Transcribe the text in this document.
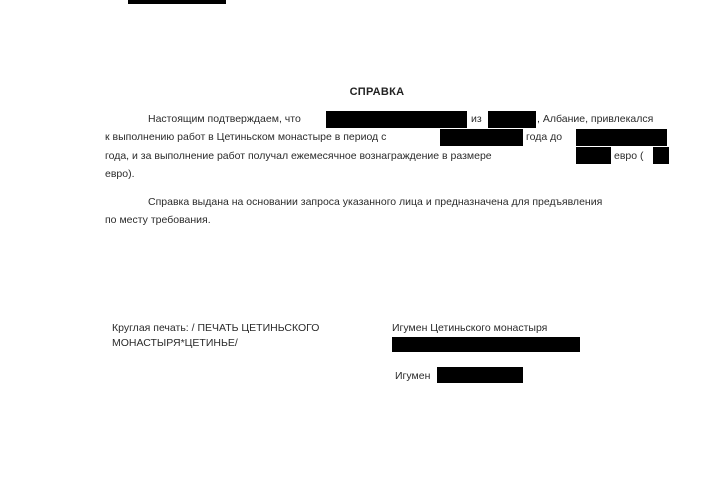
СПРАВКА
Настоящим подтверждаем, что	из	, Албание, привлекался
к выполнению работ в Цетиньском монастыре в период с	года до
года, и за выполнение работ получал ежемесячное вознаграждение в размере	евро (
евро).
Справка выдана на основании запроса указанного лица и предназначена для предъявления
по месту требования.
Круглая печать: / ПЕЧАТЬ ЦЕТИНЬСКОГО
МОНАСТЫРЯ*ЦЕТИНЬЕ/
Игумен Цетиньского монастыря
Игумен
